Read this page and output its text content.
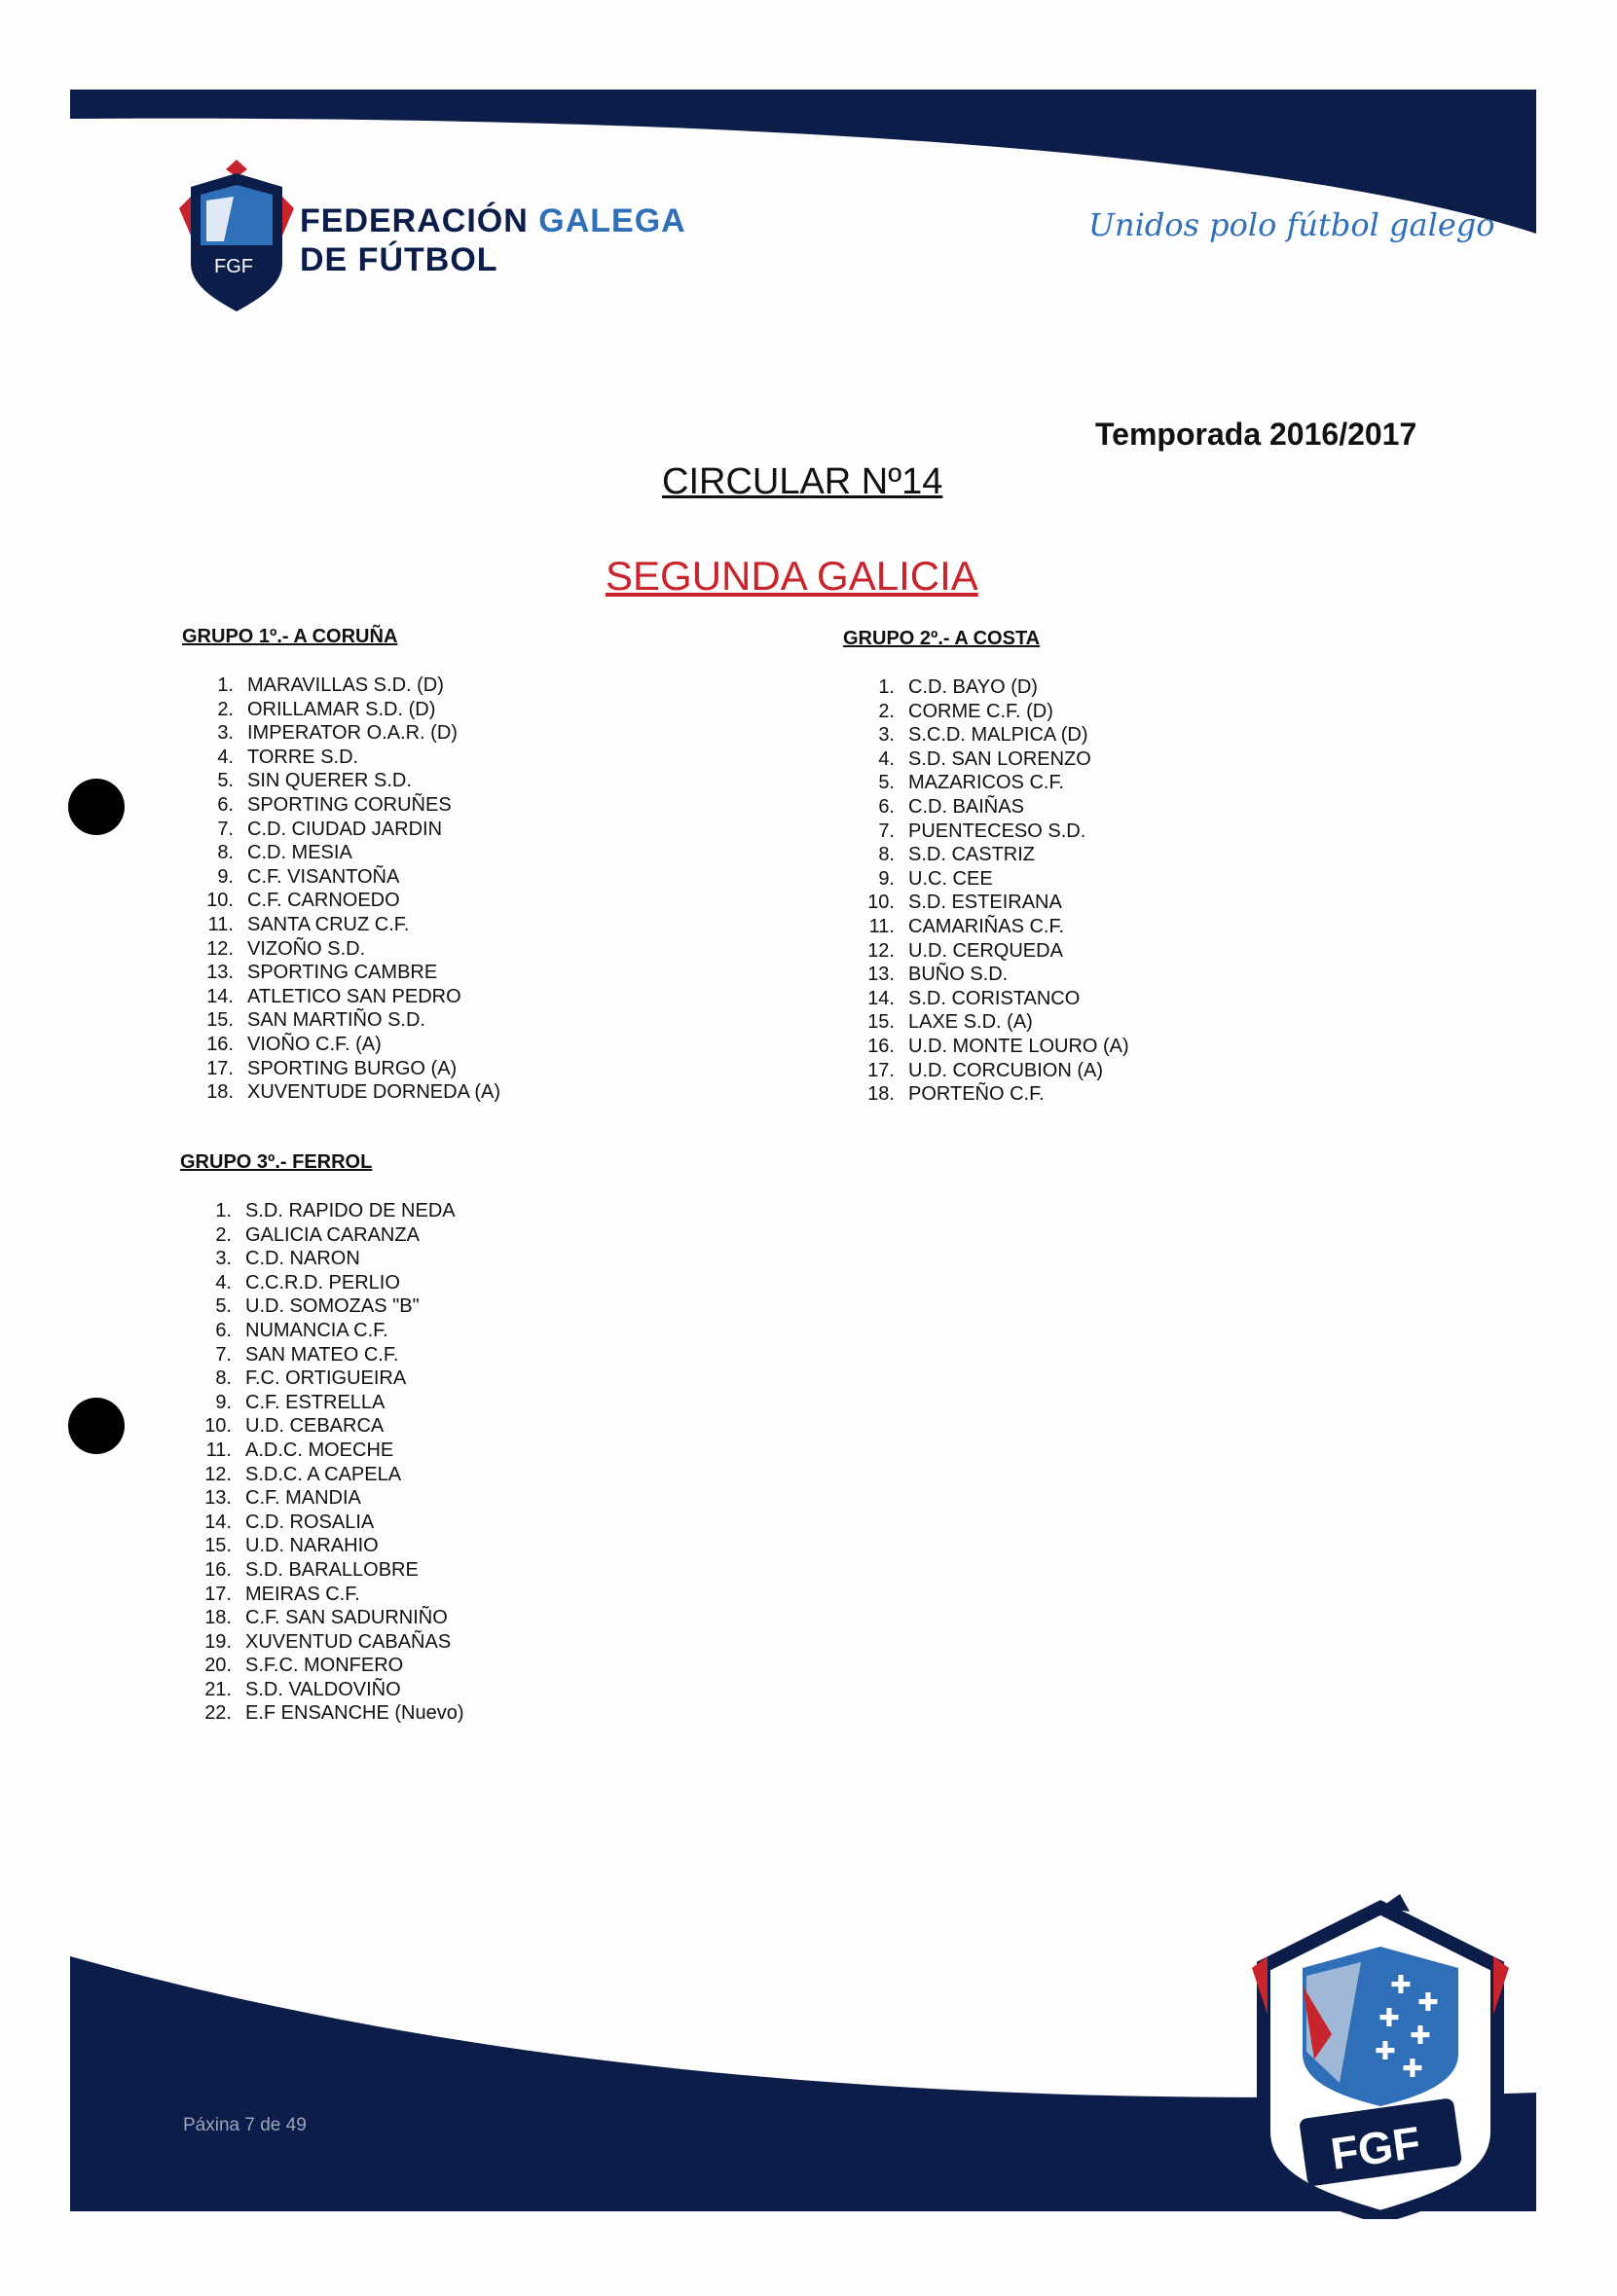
FGF
FEDERACIÓN GALEGA
DE FÚTBOL
Unidos polo fútbol galego
Temporada 2016/2017
CIRCULAR Nº14
SEGUNDA GALICIA
GRUPO 1º.- A CORUÑA
1. MARAVILLAS S.D. (D)
2. ORILLAMAR S.D. (D)
3. IMPERATOR O.A.R. (D)
4. TORRE S.D.
5. SIN QUERER S.D.
6. SPORTING CORUÑES
7. C.D. CIUDAD JARDIN
8. C.D. MESIA
9. C.F. VISANTOÑA
10. C.F. CARNOEDO
11. SANTA CRUZ C.F.
12. VIZOÑO S.D.
13. SPORTING CAMBRE
14. ATLETICO SAN PEDRO
15. SAN MARTIÑO S.D.
16. VIOÑO C.F. (A)
17. SPORTING BURGO (A)
18. XUVENTUDE DORNEDA (A)
GRUPO 2º.- A COSTA
1. C.D. BAYO (D)
2. CORME C.F. (D)
3. S.C.D. MALPICA (D)
4. S.D. SAN LORENZO
5. MAZARICOS C.F.
6. C.D. BAIÑAS
7. PUENTECESO S.D.
8. S.D. CASTRIZ
9. U.C. CEE
10. S.D. ESTEIRANA
11. CAMARIÑAS C.F.
12. U.D. CERQUEDA
13. BUÑO S.D.
14. S.D. CORISTANCO
15. LAXE S.D. (A)
16. U.D. MONTE LOURO (A)
17. U.D. CORCUBION (A)
18. PORTEÑO C.F.
GRUPO 3º.- FERROL
1. S.D. RAPIDO DE NEDA
2. GALICIA CARANZA
3. C.D. NARON
4. C.C.R.D. PERLIO
5. U.D. SOMOZAS "B"
6. NUMANCIA C.F.
7. SAN MATEO C.F.
8. F.C. ORTIGUEIRA
9. C.F. ESTRELLA
10. U.D. CEBARCA
11. A.D.C. MOECHE
12. S.D.C. A CAPELA
13. C.F. MANDIA
14. C.D. ROSALIA
15. U.D. NARAHIO
16. S.D. BARALLOBRE
17. MEIRAS C.F.
18. C.F. SAN SADURNIÑO
19. XUVENTUD CABAÑAS
20. S.F.C. MONFERO
21. S.D. VALDOVIÑO
22. E.F ENSANCHE (Nuevo)
Páxina 7 de 49
✚
✚
✚
✚
✚
✚
FGF
